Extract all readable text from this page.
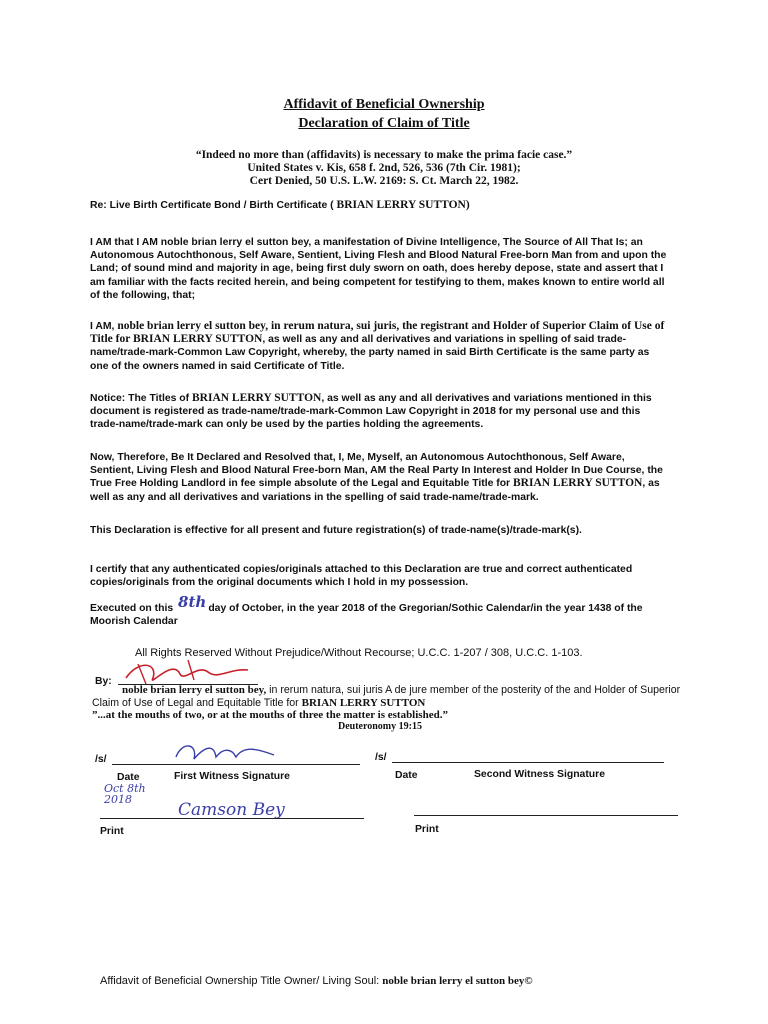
Affidavit of Beneficial Ownership
Declaration of Claim of Title
“Indeed no more than (affidavits) is necessary to make the prima facie case.”
United States v. Kis, 658 f. 2nd, 526, 536 (7th Cir. 1981);
Cert Denied, 50 U.S. L.W. 2169: S. Ct. March 22, 1982.
Re: Live Birth Certificate Bond / Birth Certificate ( BRIAN LERRY SUTTON)
I AM that I AM noble brian lerry el sutton bey, a manifestation of Divine Intelligence, The Source of All That Is; an Autonomous Autochthonous, Self Aware, Sentient, Living Flesh and Blood Natural Free-born Man from and upon the Land; of sound mind and majority in age, being first duly sworn on oath, does hereby depose, state and assert that I am familiar with the facts recited herein, and being competent for testifying to them, makes known to entire world all of the following, that;
I AM, noble brian lerry el sutton bey, in rerum natura, sui juris, the registrant and Holder of Superior Claim of Use of Title for BRIAN LERRY SUTTON, as well as any and all derivatives and variations in spelling of said trade-name/trade-mark-Common Law Copyright, whereby, the party named in said Birth Certificate is the same party as one of the owners named in said Certificate of Title.
Notice: The Titles of BRIAN LERRY SUTTON, as well as any and all derivatives and variations mentioned in this document is registered as trade-name/trade-mark-Common Law Copyright in 2018 for my personal use and this trade-name/trade-mark can only be used by the parties holding the agreements.
Now, Therefore, Be It Declared and Resolved that, I, Me, Myself, an Autonomous Autochthonous, Self Aware, Sentient, Living Flesh and Blood Natural Free-born Man, AM the Real Party In Interest and Holder In Due Course, the True Free Holding Landlord in fee simple absolute of the Legal and Equitable Title for BRIAN LERRY SUTTON, as well as any and all derivatives and variations in the spelling of said trade-name/trade-mark.
This Declaration is effective for all present and future registration(s) of trade-name(s)/trade-mark(s).
I certify that any authenticated copies/originals attached to this Declaration are true and correct authenticated copies/originals from the original documents which I hold in my possession.
Executed on this 8th day of October, in the year 2018 of the Gregorian/Sothic Calendar/in the year 1438 of the Moorish Calendar
All Rights Reserved Without Prejudice/Without Recourse; U.C.C. 1-207 / 308, U.C.C. 1-103.
By:
noble brian lerry el sutton bey, in rerum natura, sui juris A de jure member of the posterity of the and Holder of Superior Claim of Use of Legal and Equitable Title for BRIAN LERRY SUTTON
”...at the mouths of two, or at the mouths of three the matter is established.”
Deuteronomy 19:15
/s/	/s/
Date	First Witness Signature	Date	Second Witness Signature
Oct 8th 2018
Camson Bey
Print	Print
Affidavit of Beneficial Ownership Title Owner/ Living Soul: noble brian lerry el sutton bey©
